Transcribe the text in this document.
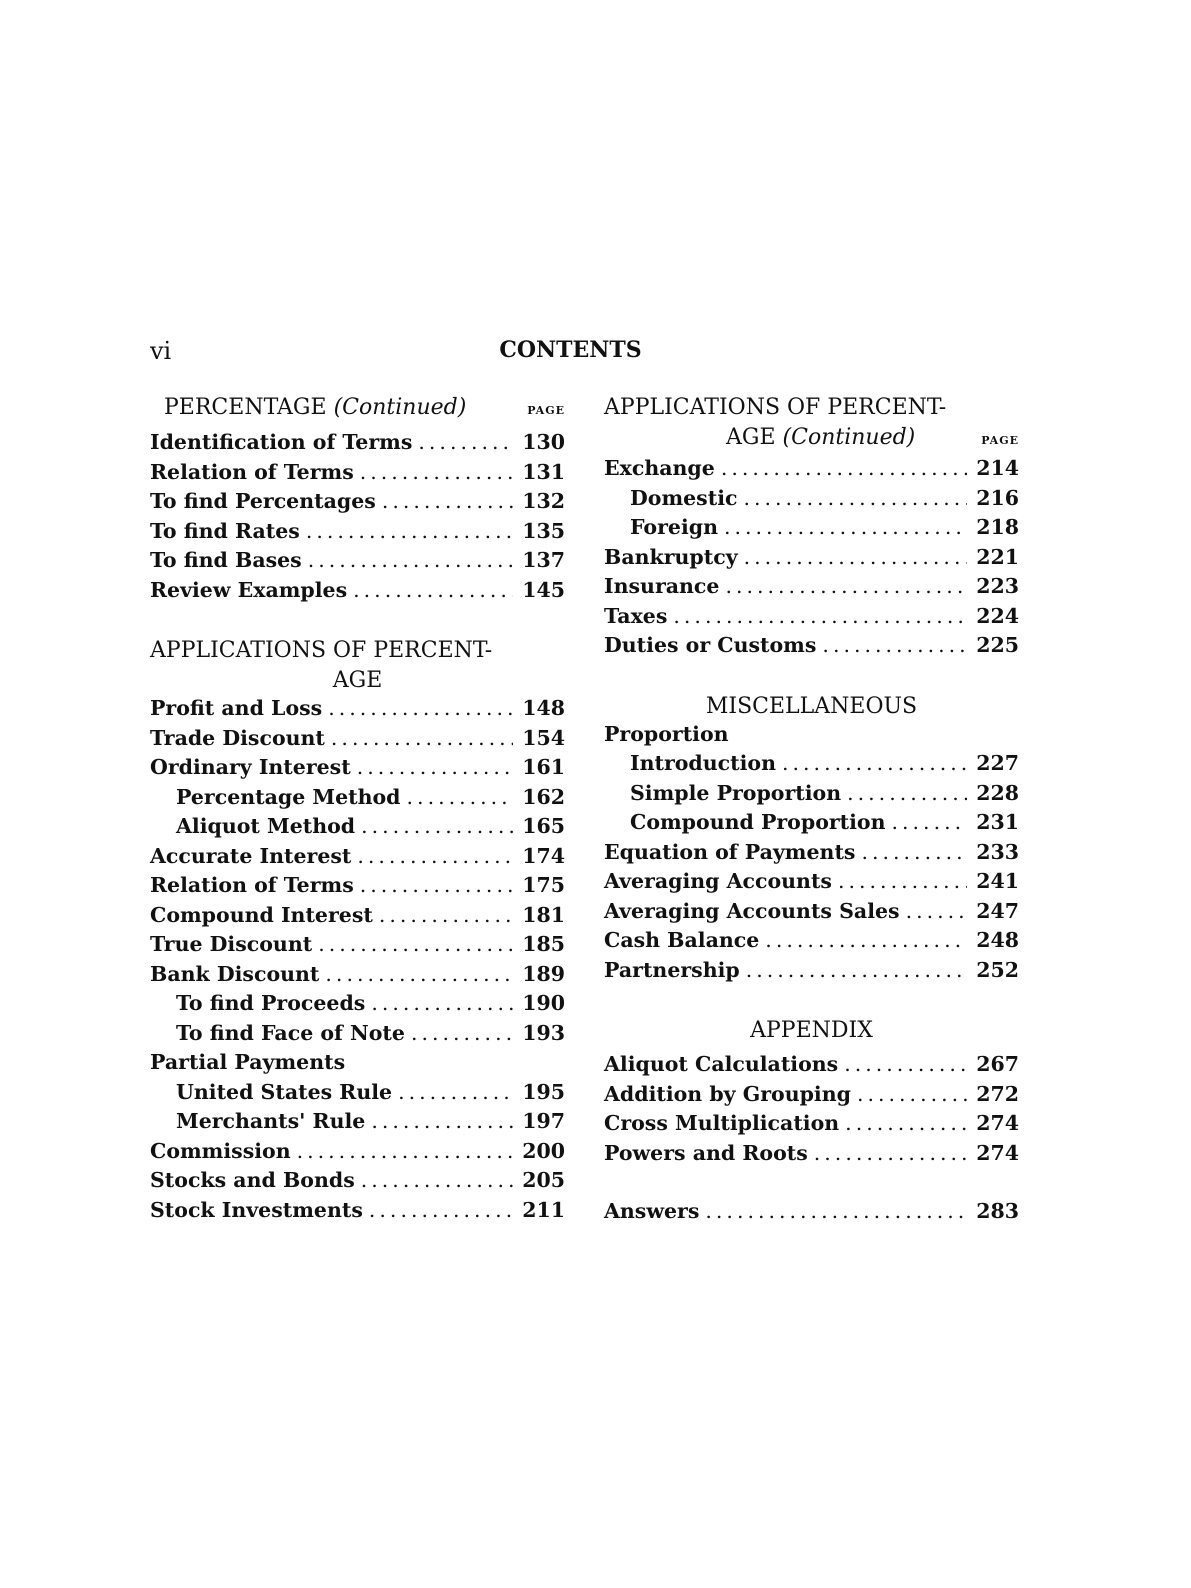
vi	CONTENTS
PERCENTAGE (Continued)	PAGE
Identification of Terms .....	130
Relation of Terms .....	131
To find Percentages .....	132
To find Rates .....	135
To find Bases .....	137
Review Examples .....	145
APPLICATIONS OF PERCENT-
AGE
Profit and Loss .....	148
Trade Discount .....	154
Ordinary Interest .....	161
Percentage Method .....	162
Aliquot Method .....	165
Accurate Interest .....	174
Relation of Terms .....	175
Compound Interest .....	181
True Discount .....	185
Bank Discount .....	189
To find Proceeds .....	190
To find Face of Note .....	193
Partial Payments
United States Rule .....	195
Merchants' Rule .....	197
Commission .....	200
Stocks and Bonds .....	205
Stock Investments .....	211
APPLICATIONS OF PERCENT-
AGE (Continued)	PAGE
Exchange .....	214
Domestic .....	216
Foreign .....	218
Bankruptcy .....	221
Insurance .....	223
Taxes .....	224
Duties or Customs .....	225
MISCELLANEOUS
Proportion
Introduction .....	227
Simple Proportion .....	228
Compound Proportion .....	231
Equation of Payments .....	233
Averaging Accounts .....	241
Averaging Accounts Sales .....	247
Cash Balance .....	248
Partnership .....	252
APPENDIX
Aliquot Calculations .....	267
Addition by Grouping .....	272
Cross Multiplication .....	274
Powers and Roots .....	274
Answers .....	283
